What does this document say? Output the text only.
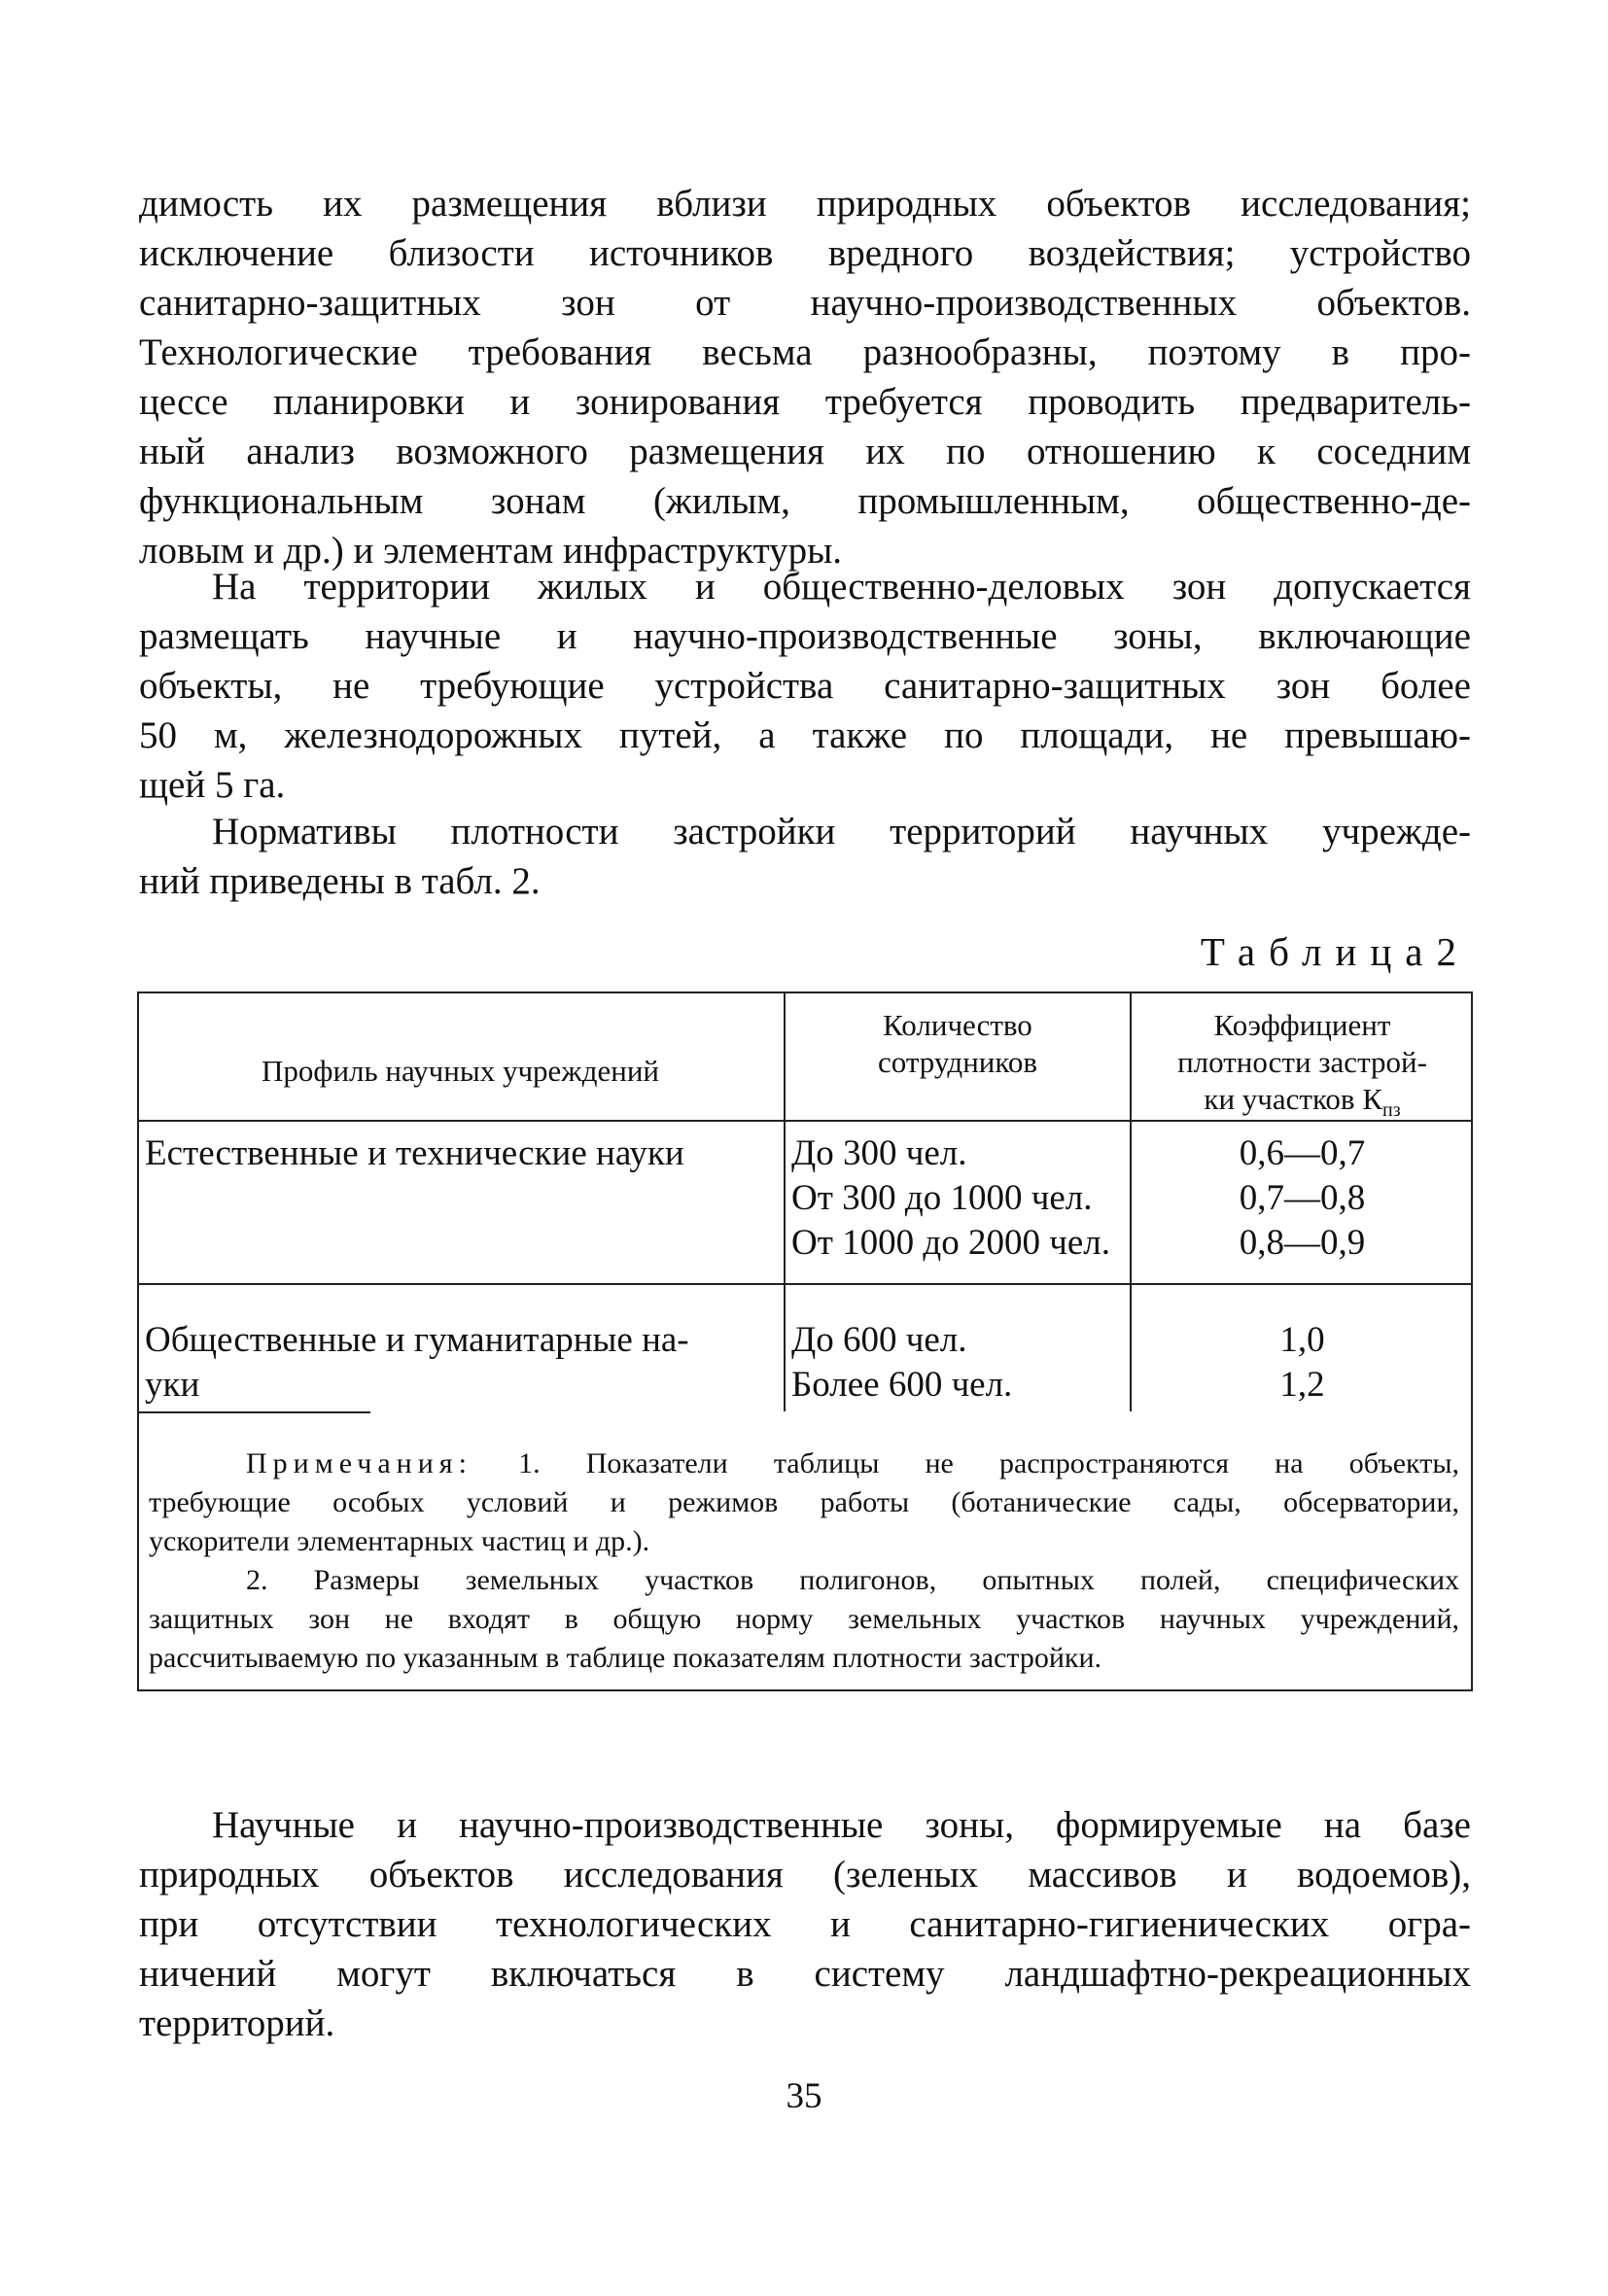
димость их размещения вблизи природных объектов исследования;
исключение близости источников вредного воздействия; устройство
санитарно-защитных зон от научно-производственных объектов.
Технологические требования весьма разнообразны, поэтому в про-
цессе планировки и зонирования требуется проводить предваритель-
ный анализ возможного размещения их по отношению к соседним
функциональным зонам (жилым, промышленным, общественно-де-
ловым и др.) и элементам инфраструктуры.
На территории жилых и общественно-деловых зон допускается
размещать научные и научно-производственные зоны, включающие
объекты, не требующие устройства санитарно-защитных зон более
50 м, железнодорожных путей, а также по площади, не превышаю-
щей 5 га.
Нормативы плотности застройки территорий научных учрежде-
ний приведены в табл. 2.
Таблица2
Профиль научных учреждений
Количество
сотрудников
Коэффициент
плотности застрой-
ки участков $К_{пз}$
Естественные и технические науки	До 300 чел.
От 300 до 1000 чел.
От 1000 до 2000 чел.
0,6—0,7
0,7—0,8
0,8—0,9
Общественные и гуманитарные на-
уки
До 600 чел.
Более 600 чел.
1,0
1,2
Примечания: 1. Показатели таблицы не распространяются на объекты,
требующие особых условий и режимов работы (ботанические сады, обсерватории,
ускорители элементарных частиц и др.).
2. Размеры земельных участков полигонов, опытных полей, специфических
защитных зон не входят в общую норму земельных участков научных учреждений,
рассчитываемую по указанным в таблице показателям плотности застройки.
Научные и научно-производственные зоны, формируемые на базе
природных объектов исследования (зеленых массивов и водоемов),
при отсутствии технологических и санитарно-гигиенических огра-
ничений могут включаться в систему ландшафтно-рекреационных
территорий.
35
